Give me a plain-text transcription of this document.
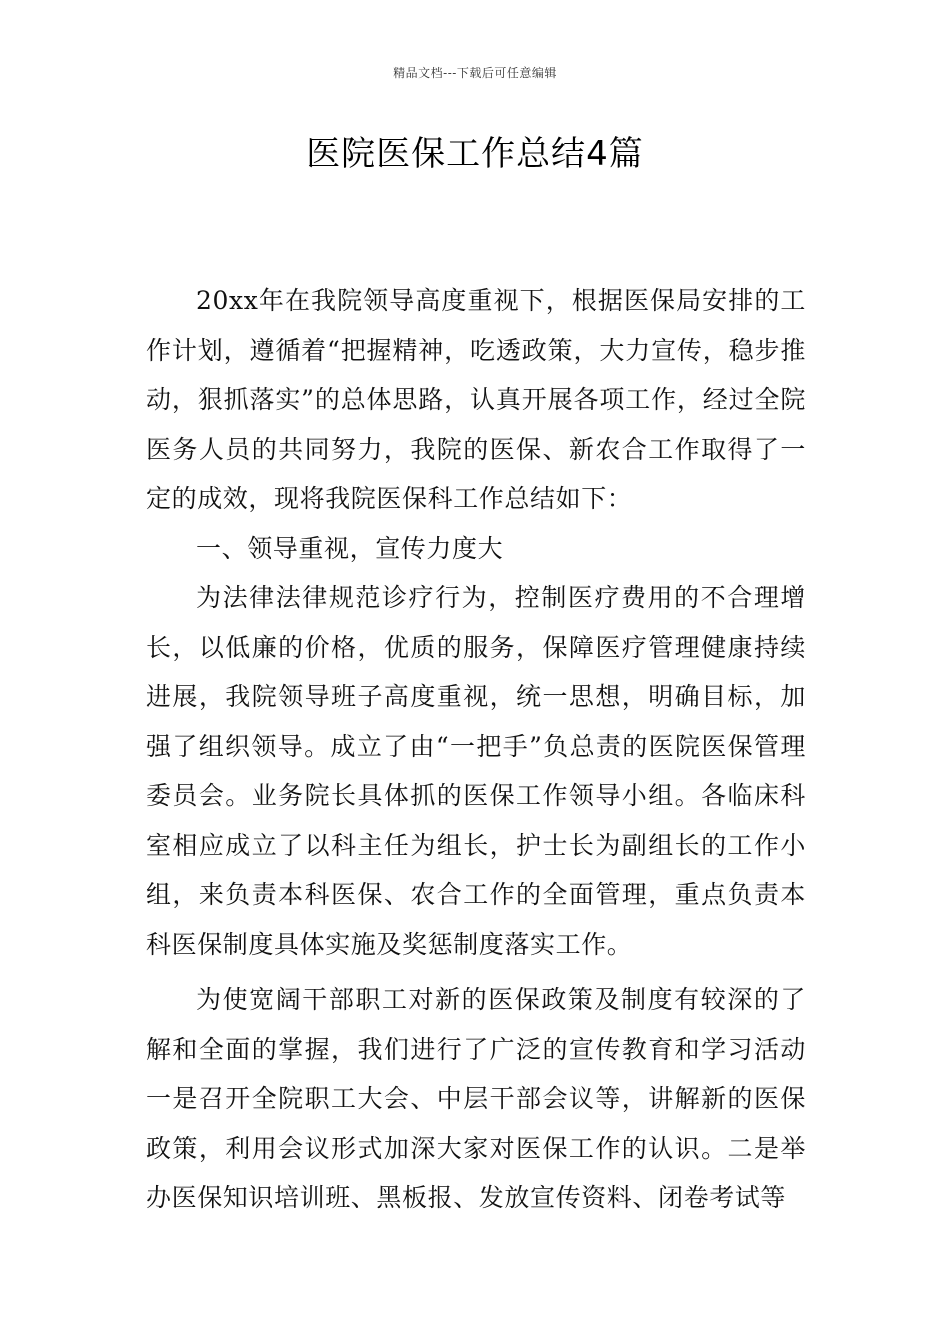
精品文档---下载后可任意编辑
医院医保工作总结4篇

20xx年在我院领导高度重视下，根据医保局安排的工作计划，遵循着“把握精神，吃透政策，大力宣传，稳步推动，狠抓落实”的总体思路，认真开展各项工作，经过全院医务人员的共同努力，我院的医保、新农合工作取得了一定的成效，现将我院医保科工作总结如下：

一、领导重视，宣传力度大

为法律法律规范诊疗行为，控制医疗费用的不合理增长，以低廉的价格，优质的服务，保障医疗管理健康持续进展，我院领导班子高度重视，统一思想，明确目标，加强了组织领导。成立了由“一把手”负总责的医院医保管理委员会。业务院长具体抓的医保工作领导小组。各临床科室相应成立了以科主任为组长，护士长为副组长的工作小组，来负责本科医保、农合工作的全面管理，重点负责本科医保制度具体实施及奖惩制度落实工作。

为使宽阔干部职工对新的医保政策及制度有较深的了解和全面的掌握，我们进行了广泛的宣传教育和学习活动一是召开全院职工大会、中层干部会议等，讲解新的医保政策，利用会议形式加深大家对医保工作的认识。二是举办医保知识培训班、黑板报、发放宣传资料、闭卷考试等
